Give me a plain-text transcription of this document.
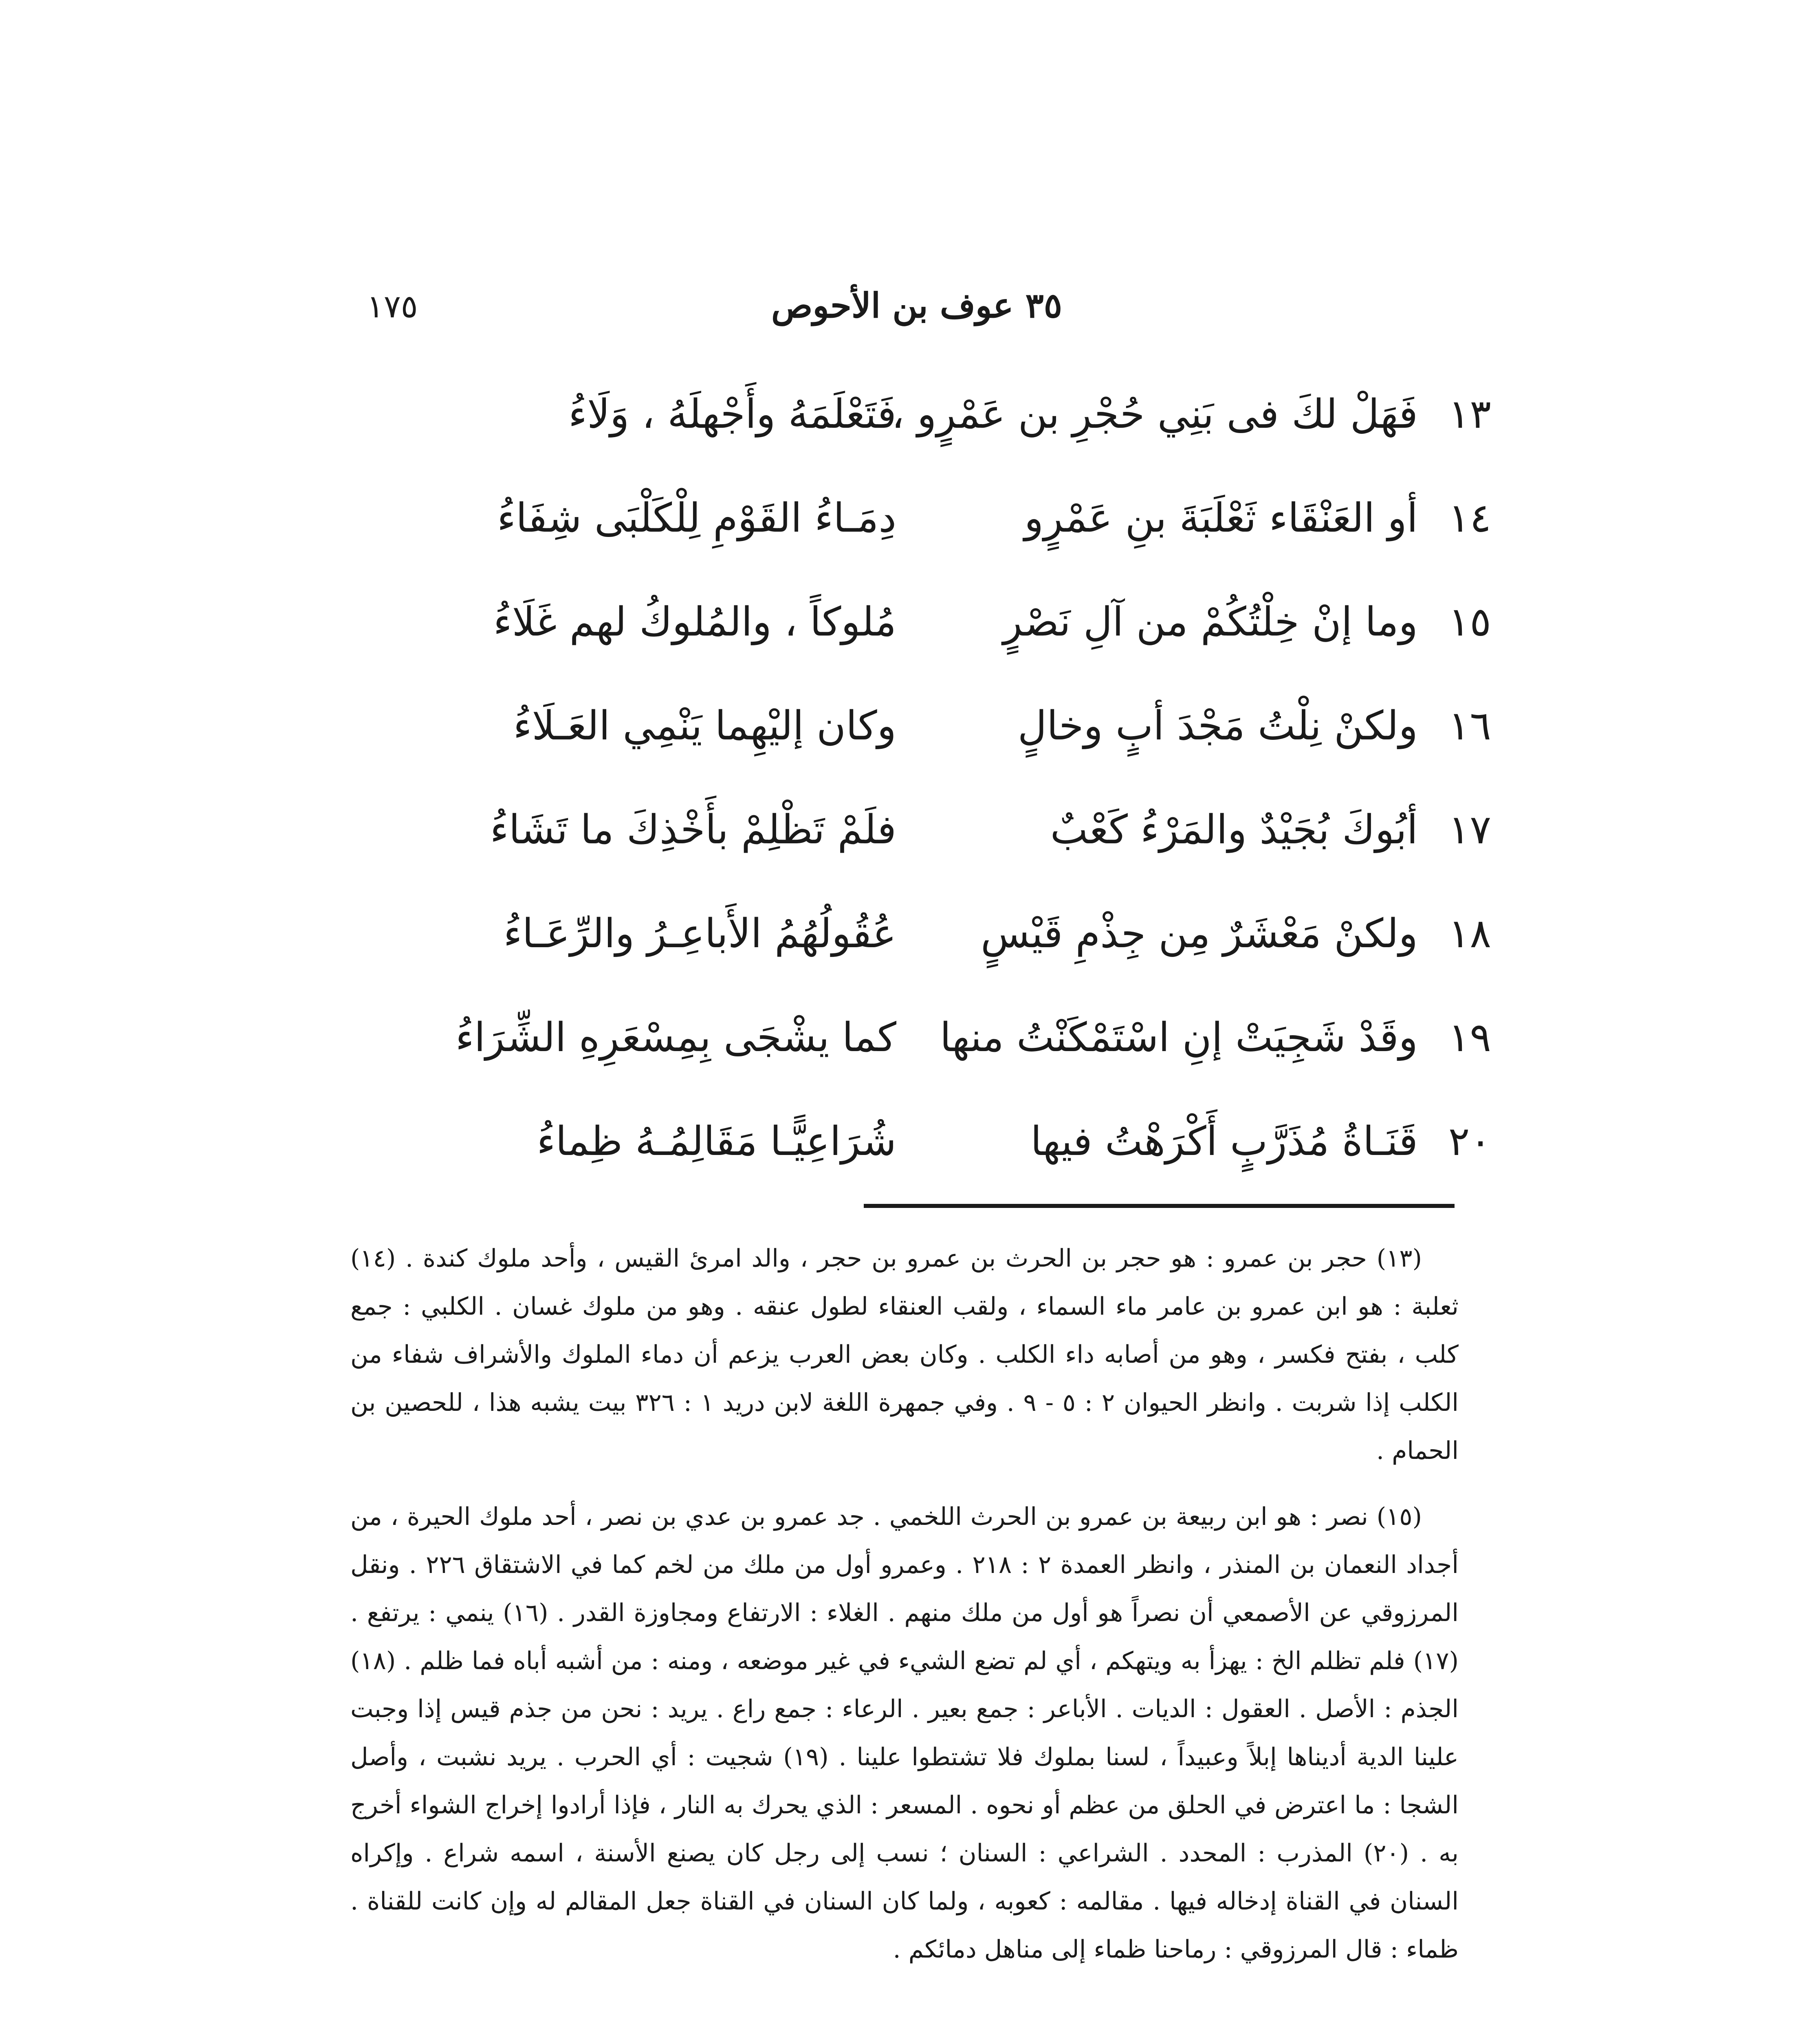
١٧٥	٣٥ عوف بن الأحوص
١٣
فَهَلْ لكَ فى بَنِي حُجْرِ بن عَمْرٍو ،
فَتَعْلَمَهُ وأَجْهلَهُ ، وَلَاءُ
١٤
أو العَنْقَاء ثَعْلَبَةَ بنِ عَمْرٍو
دِمَـاءُ القَوْمِ لِلْكَلْبَى شِفَاءُ
١٥
وما إنْ خِلْتُكُمْ من آلِ نَصْرٍ
مُلوكاً ، والمُلوكُ لهم غَلَاءُ
١٦
ولكنْ نِلْتُ مَجْدَ أبٍ وخالٍ
وكان إليْهِما يَنْمِي العَـلَاءُ
١٧
أبُوكَ بُجَيْدٌ والمَرْءُ كَعْبٌ
فلَمْ تَظْلِمْ بأَخْذِكَ ما تَشَاءُ
١٨
ولكنْ مَعْشَرٌ مِن جِذْمِ قَيْسٍ
عُقُولُهُمُ الأَباعِـرُ والرِّعَـاءُ
١٩
وقَدْ شَجِيَتْ إنِ اسْتَمْكَنْتُ منها
كما يشْجَى بِمِسْعَرِهِ الشِّرَاءُ
٢٠
قَنَـاةُ مُذَرَّبٍ أَكْرَهْتُ فيها
شُرَاعِيًّـا مَقَالِمُـهُ ظِماءُ

(١٣) حجر بن عمرو : هو حجر بن الحرث بن عمرو بن حجر ، والد امرئ القيس ، وأحد ملوك كندة . (١٤) ثعلبة : هو ابن عمرو بن عامر ماء السماء ، ولقب العنقاء لطول عنقه . وهو من ملوك غسان . الكلبي : جمع كلب ، بفتح فكسر ، وهو من أصابه داء الكلب . وكان بعض العرب يزعم أن دماء الملوك والأشراف شفاء من الكلب إذا شربت . وانظر الحيوان ٢ : ٥ - ٩ . وفي جمهرة اللغة لابن دريد ١ : ٣٢٦ بيت يشبه هذا ، للحصين بن الحمام .

(١٥) نصر : هو ابن ربيعة بن عمرو بن الحرث اللخمي . جد عمرو بن عدي بن نصر ، أحد ملوك الحيرة ، من أجداد النعمان بن المنذر ، وانظر العمدة ٢ : ٢١٨ . وعمرو أول من ملك من لخم كما في الاشتقاق ٢٢٦ . ونقل المرزوقي عن الأصمعي أن نصراً هو أول من ملك منهم . الغلاء : الارتفاع ومجاوزة القدر . (١٦) ينمي : يرتفع . (١٧) فلم تظلم الخ : يهزأ به ويتهكم ، أي لم تضع الشيء في غير موضعه ، ومنه : من أشبه أباه فما ظلم . (١٨) الجذم : الأصل . العقول : الديات . الأباعر : جمع بعير . الرعاء : جمع راع . يريد : نحن من جذم قيس إذا وجبت علينا الدية أديناها إبلاً وعبيداً ، لسنا بملوك فلا تشتطوا علينا . (١٩) شجيت : أي الحرب . يريد نشبت ، وأصل الشجا : ما اعترض في الحلق من عظم أو نحوه . المسعر : الذي يحرك به النار ، فإذا أرادوا إخراج الشواء أخرج به . (٢٠) المذرب : المحدد . الشراعي : السنان ؛ نسب إلى رجل كان يصنع الأسنة ، اسمه شراع . وإكراه السنان في القناة إدخاله فيها . مقالمه : كعوبه ، ولما كان السنان في القناة جعل المقالم له وإن كانت للقناة . ظماء : قال المرزوقي : رماحنا ظماء إلى مناهل دمائكم .
